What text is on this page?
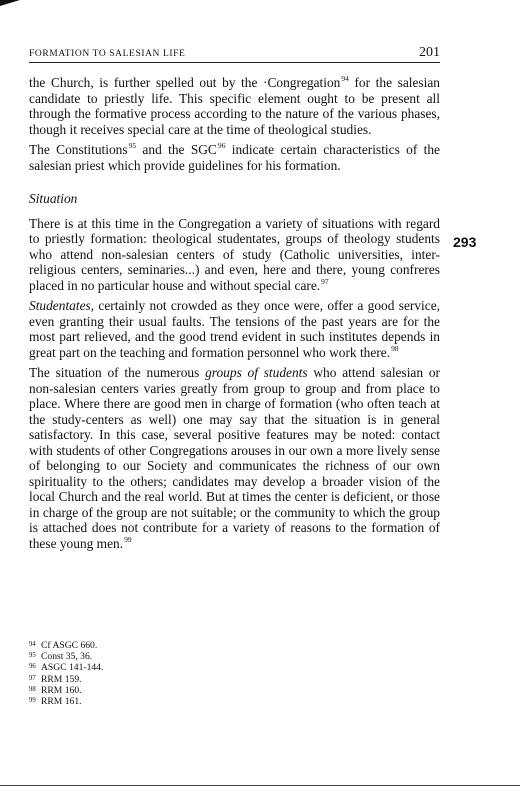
FORMATION TO SALESIAN LIFE	201
293

the Church, is further spelled out by the ·Congregation$^{94}$ for the salesian candidate to priestly life. This specific element ought to be present all through the formative process according to the nature of the various phases, though it receives special care at the time of theological studies.

The Constitutions$^{95}$ and the SGC$^{96}$ indicate certain characteristics of the salesian priest which provide guidelines for his formation.

Situation

There is at this time in the Congregation a variety of situations with regard to priestly formation: theological studentates, groups of theology students who attend non-salesian centers of study (Catholic universities, inter-religious centers, seminaries...) and even, here and there, young confreres placed in no particular house and without special care.$^{97}$

Studentates, certainly not crowded as they once were, offer a good service, even granting their usual faults. The tensions of the past years are for the most part relieved, and the good trend evident in such institutes depends in great part on the teaching and formation personnel who work there.$^{98}$

The situation of the numerous groups of students who attend salesian or non-salesian centers varies greatly from group to group and from place to place. Where there are good men in charge of formation (who often teach at the study-centers as well) one may say that the situation is in general satisfactory. In this case, several positive features may be noted: contact with students of other Congregations arouses in our own a more lively sense of belonging to our Society and communicates the richness of our own spirituality to the others; candidates may develop a broader vision of the local Church and the real world. But at times the center is deficient, or those in charge of the group are not suitable; or the community to which the group is attached does not contribute for a variety of reasons to the formation of these young men.$^{99}$

94 Cf ASGC 660.
95 Const 35, 36.
96 ASGC 141-144.
97 RRM 159.
98 RRM 160.
99 RRM 161.
